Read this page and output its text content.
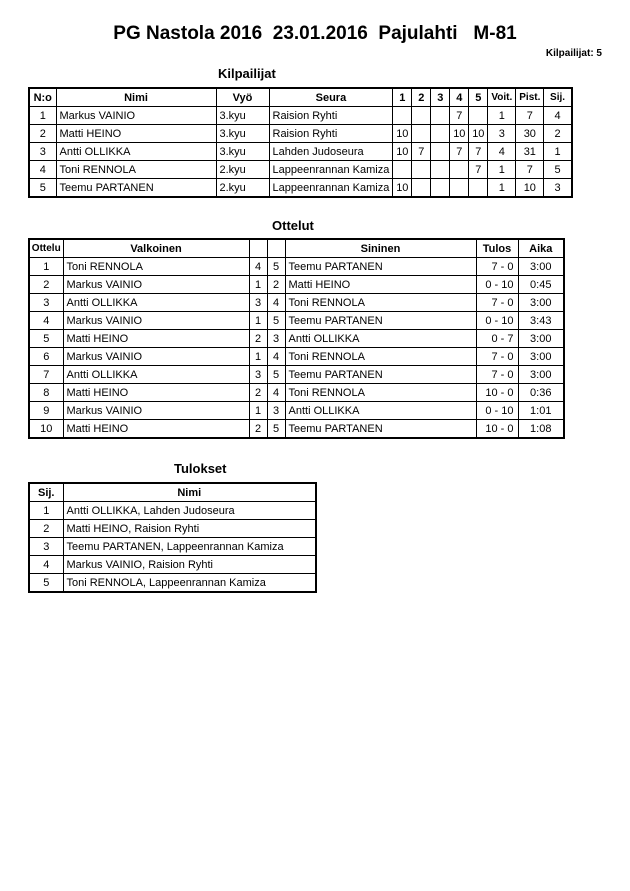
PG Nastola 2016  23.01.2016  Pajulahti   M-81
Kilpailijat: 5
Kilpailijat
N:o	Nimi	Vyö	Seura	1	2	3	4	5	Voit.	Pist.	Sij.
1	Markus VAINIO	3.kyu	Raision Ryhti				7		1	7	4
2	Matti HEINO	3.kyu	Raision Ryhti	10			10	10	3	30	2
3	Antti OLLIKKA	3.kyu	Lahden Judoseura	10	7		7	7	4	31	1
4	Toni RENNOLA	2.kyu	Lappeenrannan Kamiza					7	1	7	5
5	Teemu PARTANEN	2.kyu	Lappeenrannan Kamiza	10					1	10	3
Ottelut
Ottelu	Valkoinen			Sininen	Tulos	Aika
1	Toni RENNOLA	4	5	Teemu PARTANEN	7 - 0	3:00
2	Markus VAINIO	1	2	Matti HEINO	0 - 10	0:45
3	Antti OLLIKKA	3	4	Toni RENNOLA	7 - 0	3:00
4	Markus VAINIO	1	5	Teemu PARTANEN	0 - 10	3:43
5	Matti HEINO	2	3	Antti OLLIKKA	0 - 7	3:00
6	Markus VAINIO	1	4	Toni RENNOLA	7 - 0	3:00
7	Antti OLLIKKA	3	5	Teemu PARTANEN	7 - 0	3:00
8	Matti HEINO	2	4	Toni RENNOLA	10 - 0	0:36
9	Markus VAINIO	1	3	Antti OLLIKKA	0 - 10	1:01
10	Matti HEINO	2	5	Teemu PARTANEN	10 - 0	1:08
Tulokset
Sij.	Nimi
1	Antti OLLIKKA, Lahden Judoseura
2	Matti HEINO, Raision Ryhti
3	Teemu PARTANEN, Lappeenrannan Kamiza
4	Markus VAINIO, Raision Ryhti
5	Toni RENNOLA, Lappeenrannan Kamiza
